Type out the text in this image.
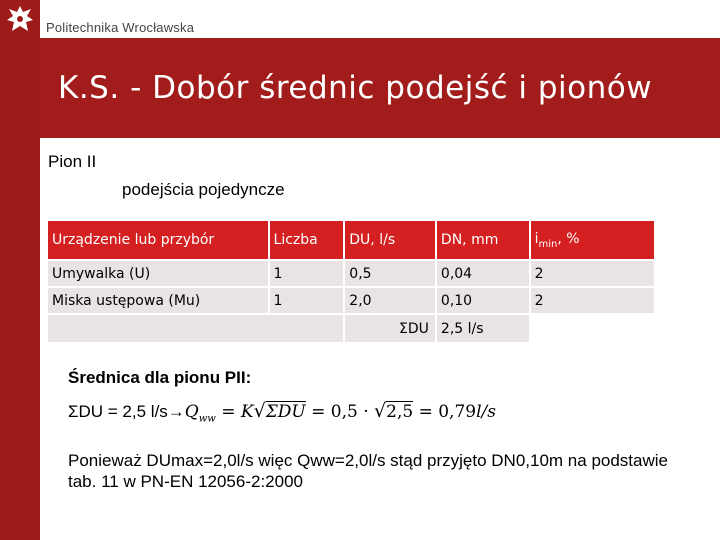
Politechnika Wrocławska
K.S. - Dobór średnic podejść i pionów
Pion II
podejścia pojedyncze
Urządzenie lub przybór	Liczba	DU, l/s	DN, mm	$i_{min}$, %
Umywalka (U)	1	0,5	0,04	2
Miska ustępowa (Mu)	1	2,0	0,10	2
		ΣDU	2,5 l/s	
Średnica dla pionu PII:
ΣDU = 2,5 $l/s\to Q_{ww} = K√\Sigma DU = 0,5 \cdot √2,5 = 0,79l/s$
Ponieważ DUmax=2,0l/s więc Qww=2,0l/s stąd przyjęto DN0,10m na podstawie tab. 11 w PN-EN 12056-2:2000
